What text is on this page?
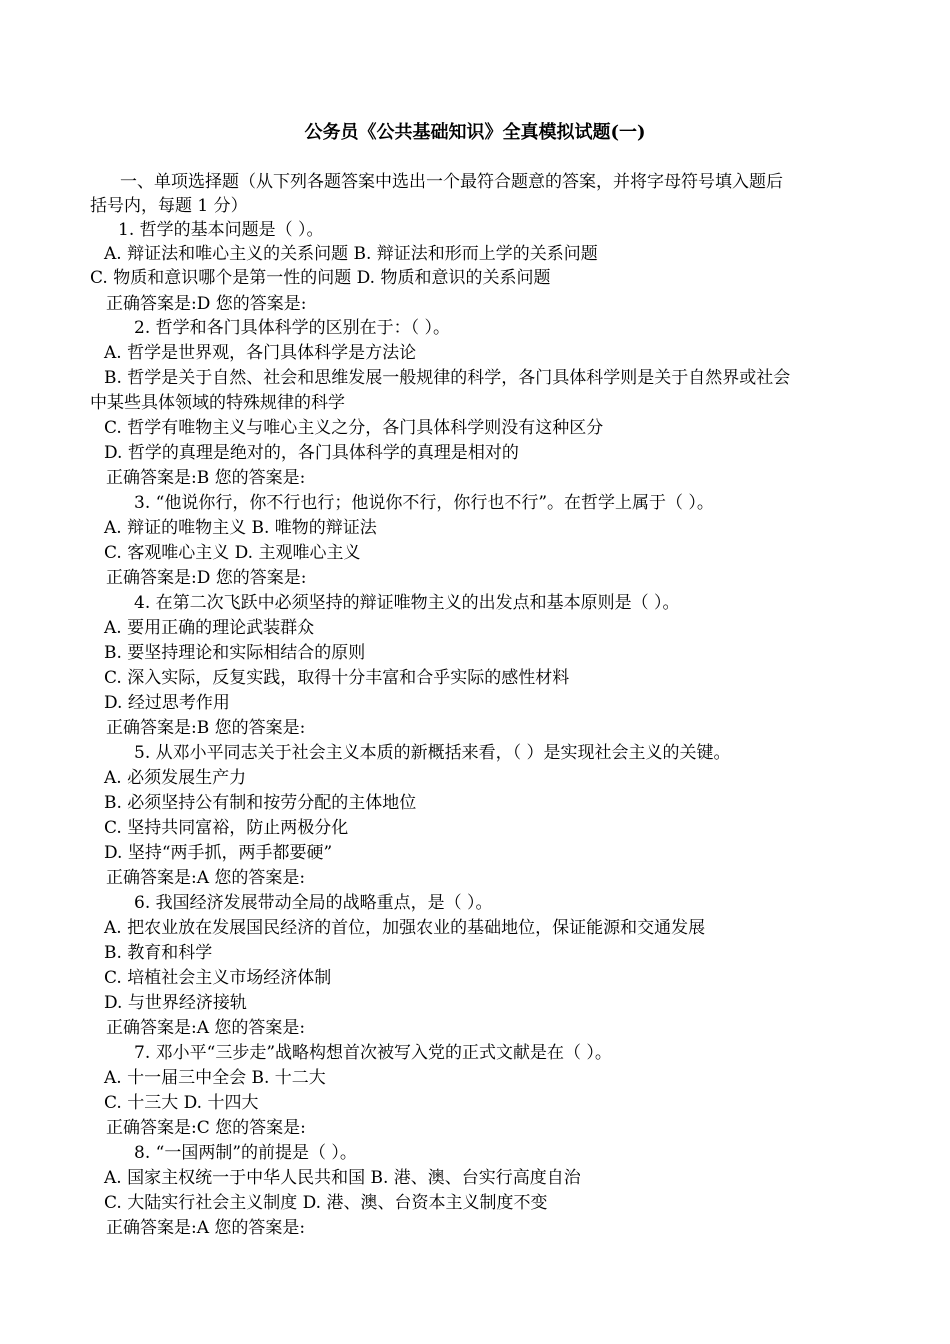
公务员《公共基础知识》全真模拟试题(一)
一、单项选择题（从下列各题答案中选出一个最符合题意的答案，并将字母符号填入题后
括号内，每题 1 分）
1. 哲学的基本问题是（ ）。
A. 辩证法和唯心主义的关系问题 B. 辩证法和形而上学的关系问题
C. 物质和意识哪个是第一性的问题 D. 物质和意识的关系问题
正确答案是:D 您的答案是:
2. 哲学和各门具体科学的区别在于：（ ）。
A. 哲学是世界观，各门具体科学是方法论
B. 哲学是关于自然、社会和思维发展一般规律的科学，各门具体科学则是关于自然界或社会
中某些具体领域的特殊规律的科学
C. 哲学有唯物主义与唯心主义之分，各门具体科学则没有这种区分
D. 哲学的真理是绝对的，各门具体科学的真理是相对的
正确答案是:B 您的答案是:
3. “他说你行，你不行也行；他说你不行，你行也不行”。在哲学上属于（ ）。
A. 辩证的唯物主义 B. 唯物的辩证法
C. 客观唯心主义 D. 主观唯心主义
正确答案是:D 您的答案是:
4. 在第二次飞跃中必须坚持的辩证唯物主义的出发点和基本原则是（ ）。
A. 要用正确的理论武装群众
B. 要坚持理论和实际相结合的原则
C. 深入实际，反复实践，取得十分丰富和合乎实际的感性材料
D. 经过思考作用
正确答案是:B 您的答案是:
5. 从邓小平同志关于社会主义本质的新概括来看，（ ）是实现社会主义的关键。
A. 必须发展生产力
B. 必须坚持公有制和按劳分配的主体地位
C. 坚持共同富裕，防止两极分化
D. 坚持“两手抓，两手都要硬”
正确答案是:A 您的答案是:
6. 我国经济发展带动全局的战略重点，是（ ）。
A. 把农业放在发展国民经济的首位，加强农业的基础地位，保证能源和交通发展
B. 教育和科学
C. 培植社会主义市场经济体制
D. 与世界经济接轨
正确答案是:A 您的答案是:
7. 邓小平“三步走”战略构想首次被写入党的正式文献是在（ ）。
A. 十一届三中全会 B. 十二大
C. 十三大 D. 十四大
正确答案是:C 您的答案是:
8. “一国两制”的前提是（ ）。
A. 国家主权统一于中华人民共和国 B. 港、澳、台实行高度自治
C. 大陆实行社会主义制度 D. 港、澳、台资本主义制度不变
正确答案是:A 您的答案是:
